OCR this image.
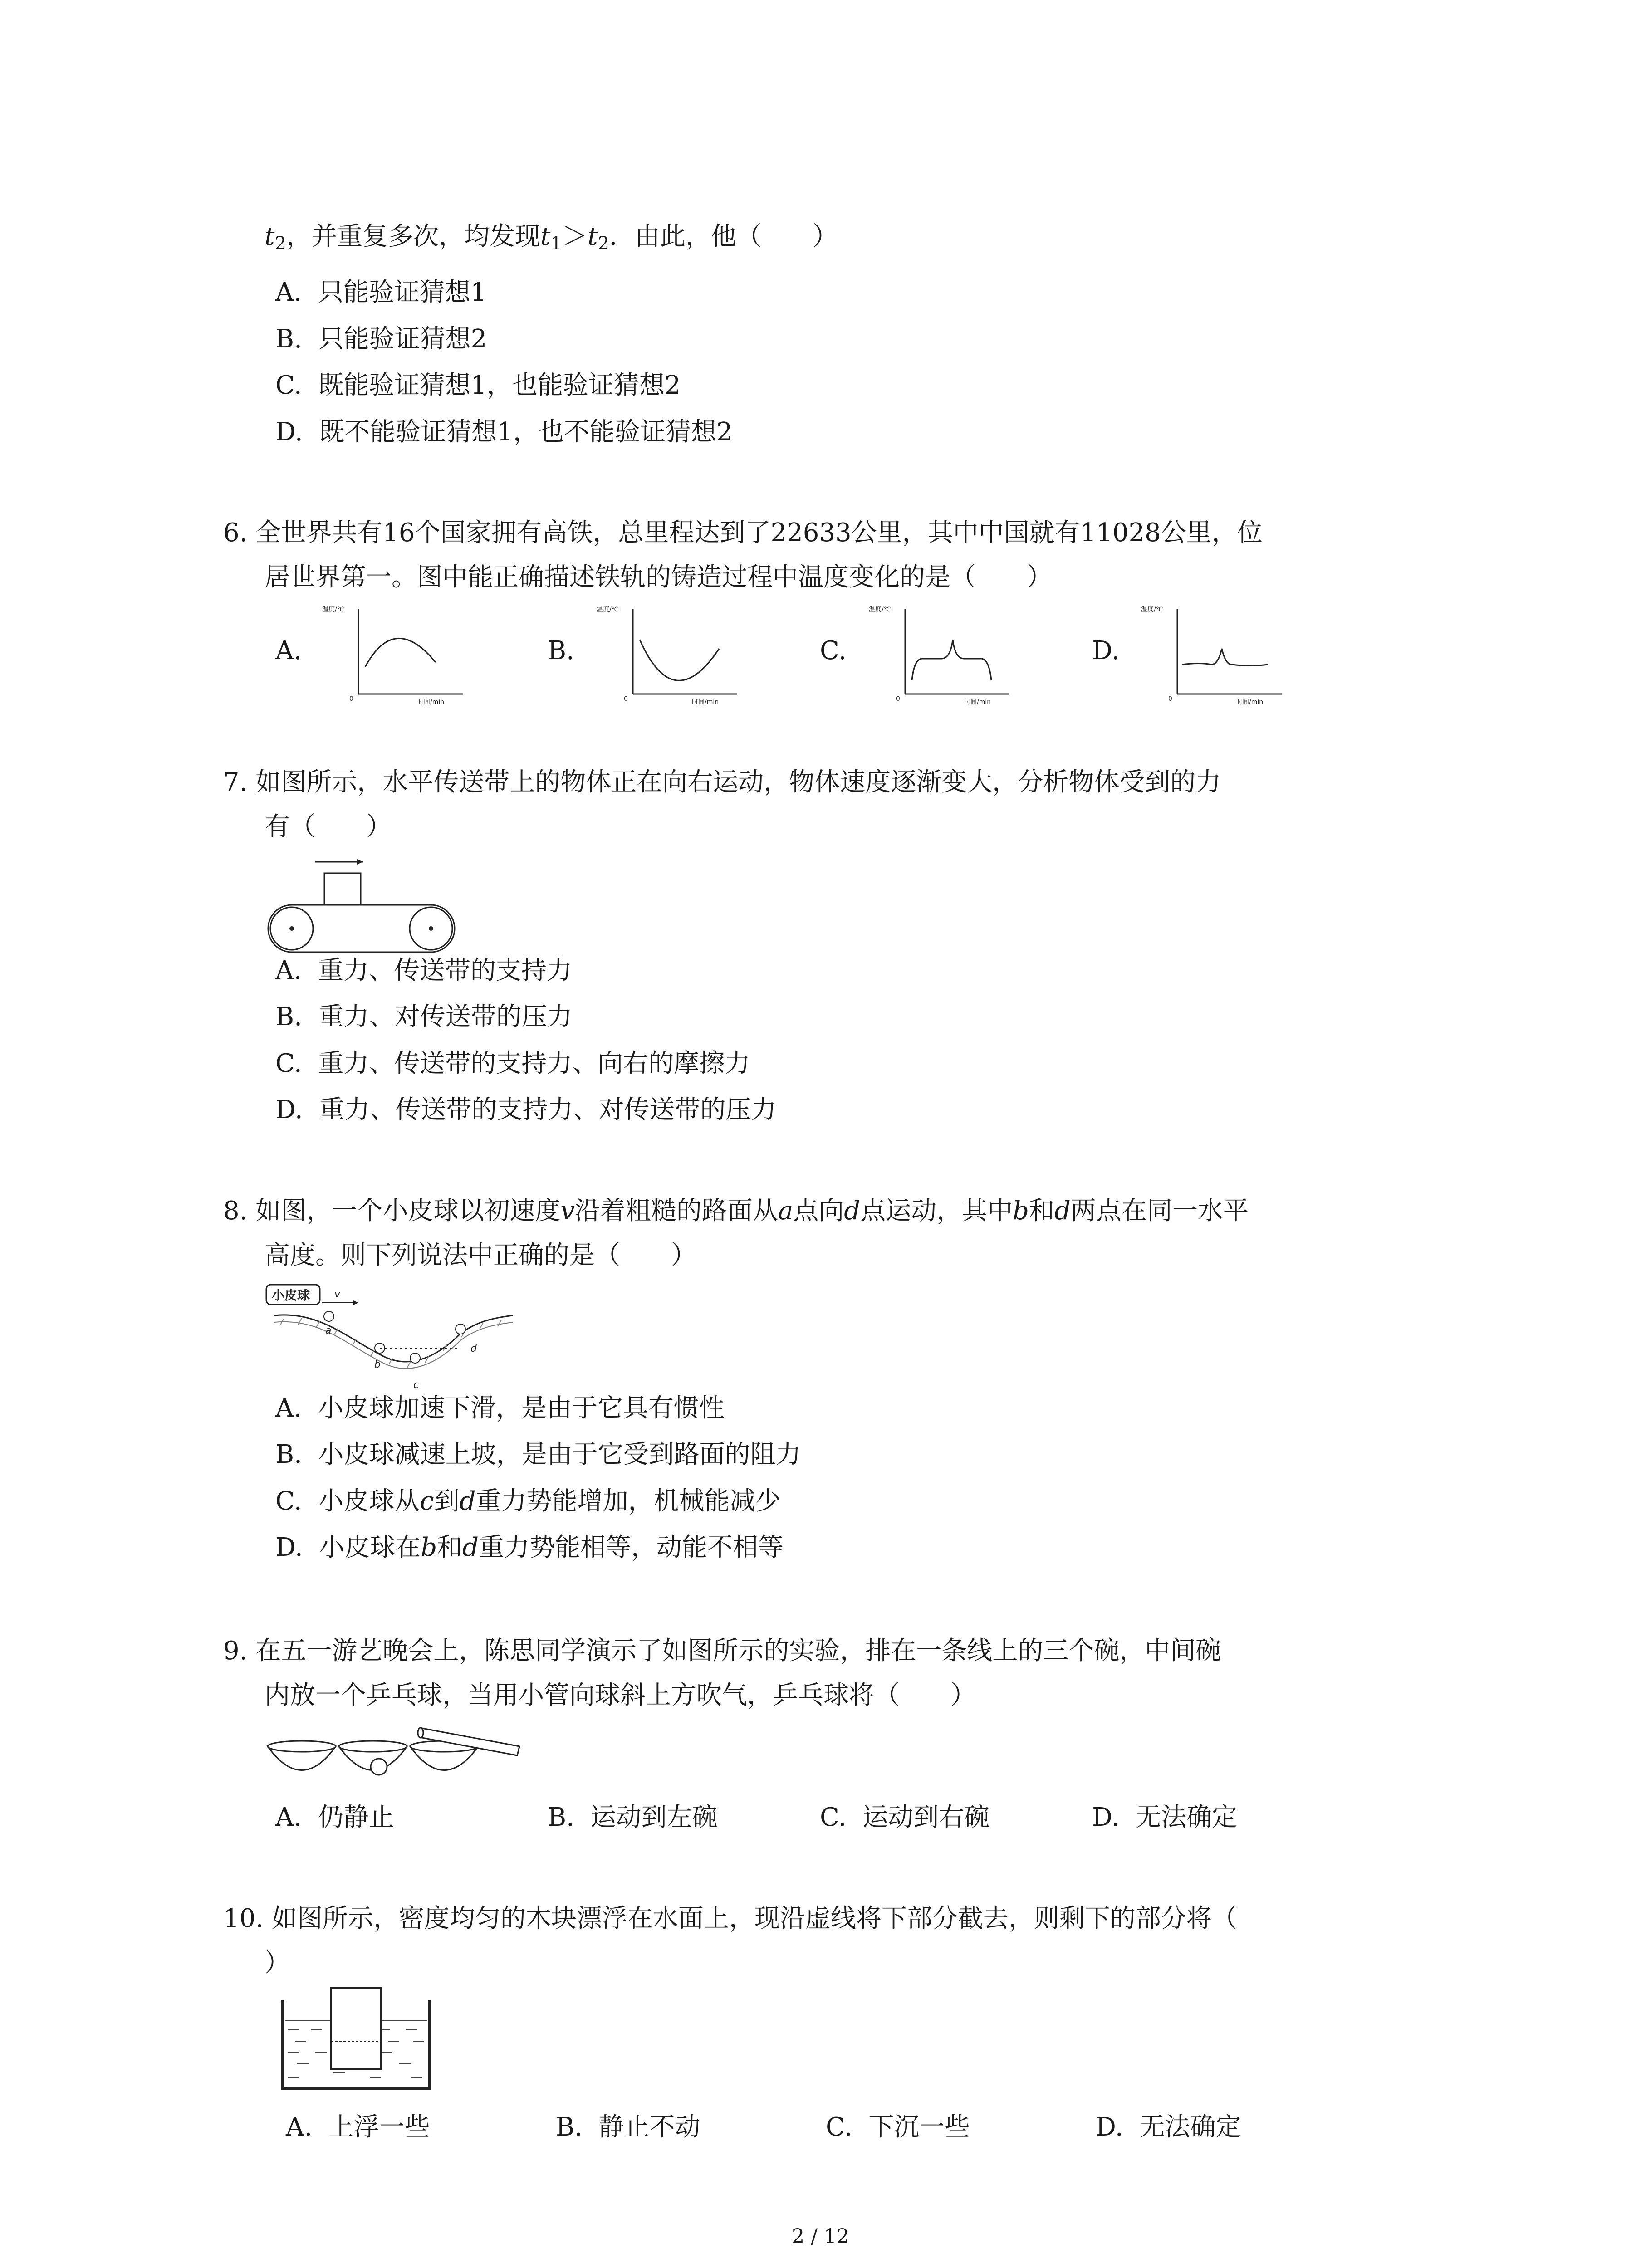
$t_2$，并重复多次，均发现$t_1>t_2$．由此，他（　　）
A. 只能验证猜想1
B. 只能验证猜想2
C. 既能验证猜想1，也能验证猜想2
D. 既不能验证猜想1，也不能验证猜想2
6. 全世界共有16个国家拥有高铁，总里程达到了22633公里，其中中国就有11028公里，位
居世界第一。图中能正确描述铁轨的铸造过程中温度变化的是（　　）
A.	B.	C.	D.
温度/℃
0	时间/min
温度/℃
0	时间/min
温度/℃
0	时间/min
温度/℃
0	时间/min
7. 如图所示，水平传送带上的物体正在向右运动，物体速度逐渐变大，分析物体受到的力
有（　　）
A. 重力、传送带的支持力
B. 重力、对传送带的压力
C. 重力、传送带的支持力、向右的摩擦力
D. 重力、传送带的支持力、对传送带的压力
8. 如图，一个小皮球以初速度v沿着粗糙的路面从a点向d点运动，其中b和d两点在同一水平
高度。则下列说法中正确的是（　　）
小皮球 v
a
b
c
d
A. 小皮球加速下滑，是由于它具有惯性
B. 小皮球减速上坡，是由于它受到路面的阻力
C. 小皮球从c到d重力势能增加，机械能减少
D. 小皮球在b和d重力势能相等，动能不相等
9. 在五一游艺晚会上，陈思同学演示了如图所示的实验，排在一条线上的三个碗，中间碗
内放一个乒乓球，当用小管向球斜上方吹气，乒乓球将（　　）
A. 仍静止	B. 运动到左碗	C. 运动到右碗	D. 无法确定
10. 如图所示，密度均匀的木块漂浮在水面上，现沿虚线将下部分截去，则剩下的部分将（
）
A. 上浮一些	B. 静止不动	C. 下沉一些	D. 无法确定
2 / 12
